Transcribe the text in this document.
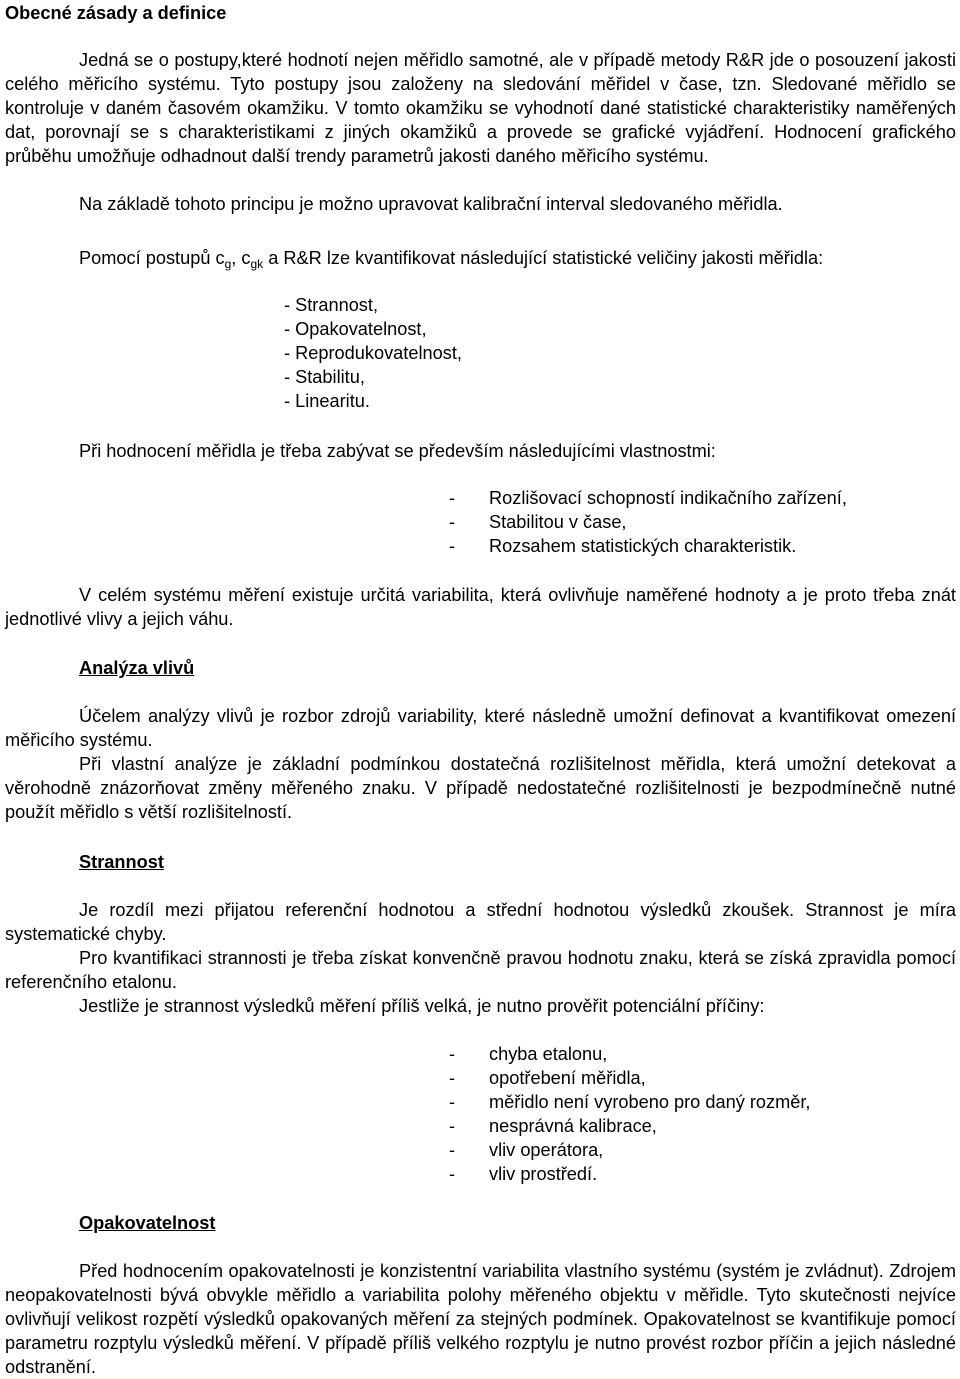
Obecné zásady a definice

Jedná se o postupy,které hodnotí nejen měřidlo samotné, ale v případě metody R&R jde o posouzení jakosti celého měřicího systému. Tyto postupy jsou založeny na sledování měřidel v čase, tzn. Sledované měřidlo se kontroluje v daném časovém okamžiku. V tomto okamžiku se vyhodnotí dané statistické charakteristiky naměřených dat, porovnají se s charakteristikami z jiných okamžiků a provede se grafické vyjádření. Hodnocení grafického průběhu umožňuje odhadnout další trendy parametrů jakosti daného měřicího systému.

Na základě tohoto principu je možno upravovat kalibrační interval sledovaného měřidla.

Pomocí postupů $c_g$, $c_{gk}$ a R&R lze kvantifikovat následující statistické veličiny jakosti měřidla:

- Strannost,
- Opakovatelnost,
- Reprodukovatelnost,
- Stabilitu,
- Linearitu.

Při hodnocení měřidla je třeba zabývat se především následujícími vlastnostmi:

- Rozlišovací schopností indikačního zařízení,
- Stabilitou v čase,
- Rozsahem statistických charakteristik.

V celém systému měření existuje určitá variabilita, která ovlivňuje naměřené hodnoty a je proto třeba znát jednotlivé vlivy a jejich váhu.

Analýza vlivů

Účelem analýzy vlivů je rozbor zdrojů variability, které následně umožní definovat a kvantifikovat omezení měřicího systému.

Při vlastní analýze je základní podmínkou dostatečná rozlišitelnost měřidla, která umožní detekovat a věrohodně znázorňovat změny měřeného znaku. V případě nedostatečné rozlišitelnosti je bezpodmínečně nutné použít měřidlo s větší rozlišitelností.

Strannost

Je rozdíl mezi přijatou referenční hodnotou a střední hodnotou výsledků zkoušek. Strannost je míra systematické chyby.

Pro kvantifikaci strannosti je třeba získat konvenčně pravou hodnotu znaku, která se získá zpravidla pomocí referenčního etalonu.

Jestliže je strannost výsledků měření příliš velká, je nutno prověřit potenciální příčiny:

- chyba etalonu,
- opotřebení měřidla,
- měřidlo není vyrobeno pro daný rozměr,
- nesprávná kalibrace,
- vliv operátora,
- vliv prostředí.
Opakovatelnost

Před hodnocením opakovatelnosti je konzistentní variabilita vlastního systému (systém je zvládnut). Zdrojem neopakovatelnosti bývá obvykle měřidlo a variabilita polohy měřeného objektu v měřidle. Tyto skutečnosti nejvíce ovlivňují velikost rozpětí výsledků opakovaných měření za stejných podmínek. Opakovatelnost se kvantifikuje pomocí parametru rozptylu výsledků měření. V případě příliš velkého rozptylu je nutno provést rozbor příčin a jejich následné odstranění.
